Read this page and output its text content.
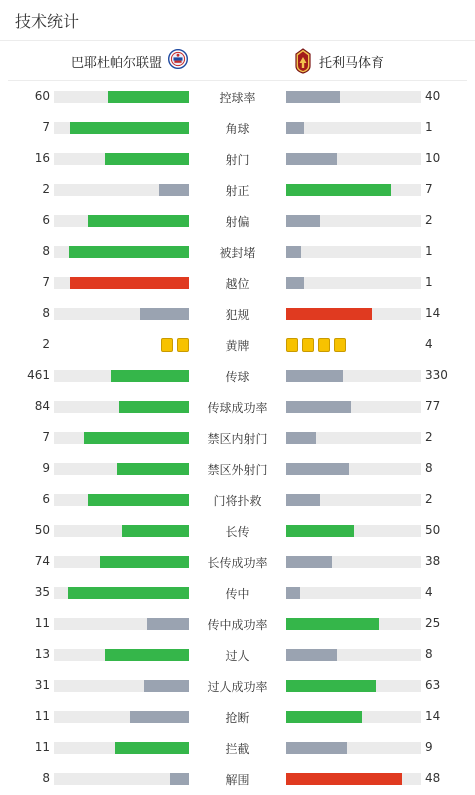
技术统计
巴耶杜帕尔联盟	托利马体育
60	控球率	40
7	角球	1
16	射门	10
2	射正	7
6	射偏	2
8	被封堵	1
7	越位	1
8	犯规	14
2	黄牌	4
461	传球	330
84	传球成功率	77
7	禁区内射门	2
9	禁区外射门	8
6	门将扑救	2
50	长传	50
74	长传成功率	38
35	传中	4
11	传中成功率	25
13	过人	8
31	过人成功率	63
11	抢断	14
11	拦截	9
8	解围	48
